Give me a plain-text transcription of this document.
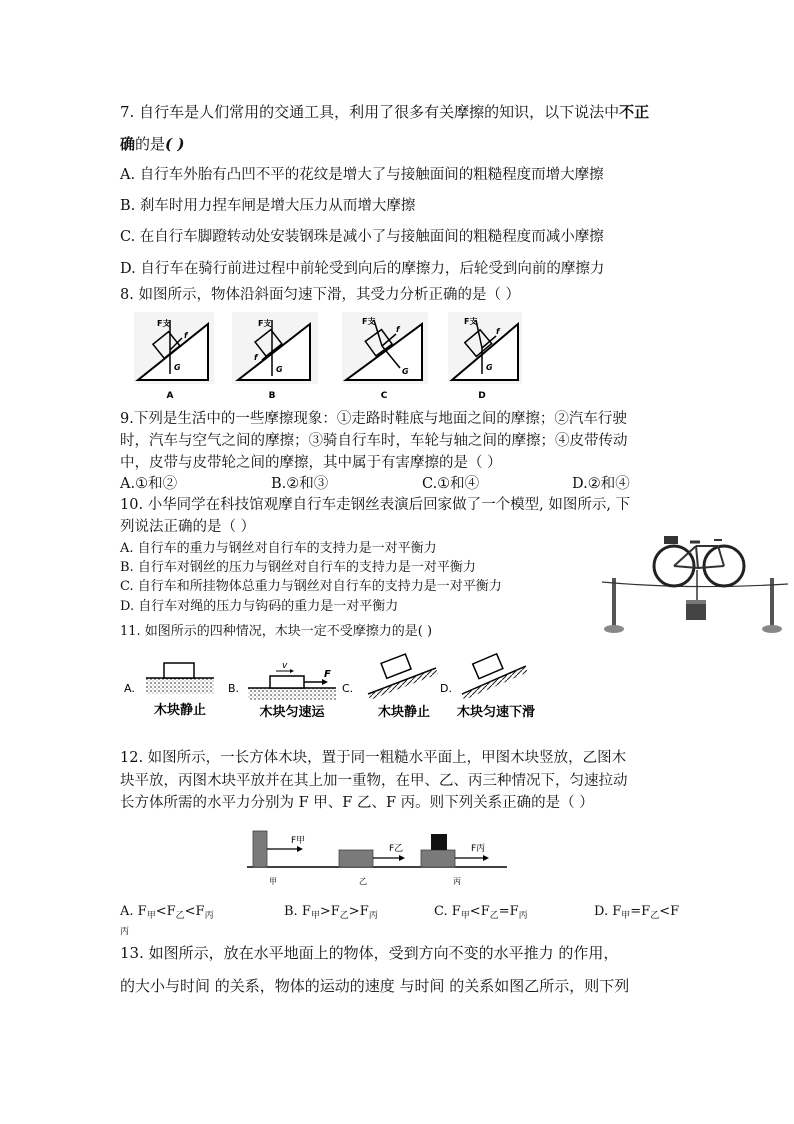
7. 自行车是人们常用的交通工具，利用了很多有关摩擦的知识，以下说法中不正
确的是( )
A. 自行车外胎有凸凹不平的花纹是增大了与接触面间的粗糙程度而增大摩擦
B. 刹车时用力捏车闸是增大压力从而增大摩擦
C. 在自行车脚蹬转动处安装钢珠是减小了与接触面间的粗糙程度而减小摩擦
D. 自行车在骑行前进过程中前轮受到向后的摩擦力，后轮受到向前的摩擦力
8. 如图所示，物体沿斜面匀速下滑，其受力分析正确的是（ ）
F支
f
G
A
F支
f
G
B
F支
f
G
C
F支
f
G
D
9.下列是生活中的一些摩擦现象：①走路时鞋底与地面之间的摩擦；②汽车行驶
时，汽车与空气之间的摩擦；③骑自行车时，车轮与轴之间的摩擦；④皮带传动
中，皮带与皮带轮之间的摩擦，其中属于有害摩擦的是（ ）
A.①和②	B.②和③	C.①和④	D.②和④
10. 小华同学在科技馆观摩自行车走钢丝表演后回家做了一个模型, 如图所示, 下
列说法正确的是（ ）
A. 自行车的重力与钢丝对自行车的支持力是一对平衡力
B. 自行车对钢丝的压力与钢丝对自行车的支持力是一对平衡力
C. 自行车和所挂物体总重力与钢丝对自行车的支持力是一对平衡力
D. 自行车对绳的压力与钩码的重力是一对平衡力
11. 如图所示的四种情况，木块一定不受摩擦力的是( )
A.
木块静止
B.
v
F
木块匀速运
C.
木块静止
D.
木块匀速下滑
12. 如图所示，一长方体木块，置于同一粗糙水平面上，甲图木块竖放，乙图木
块平放，丙图木块平放并在其上加一重物，在甲、乙、丙三种情况下，匀速拉动
长方体所需的水平力分别为 F 甲、F 乙、F 丙。则下列关系正确的是（ ）
F甲
甲
F乙
乙
F丙
丙
A. $F_甲<F_乙<F_丙$	B. $F_甲>F_乙>F_丙$	C. $F_甲<F_乙=F_丙$	D. $F_甲=F_乙<F$
丙
13. 如图所示，放在水平地面上的物体，受到方向不变的水平推力 的作用，
的大小与时间 的关系，物体的运动的速度 与时间 的关系如图乙所示，则下列
